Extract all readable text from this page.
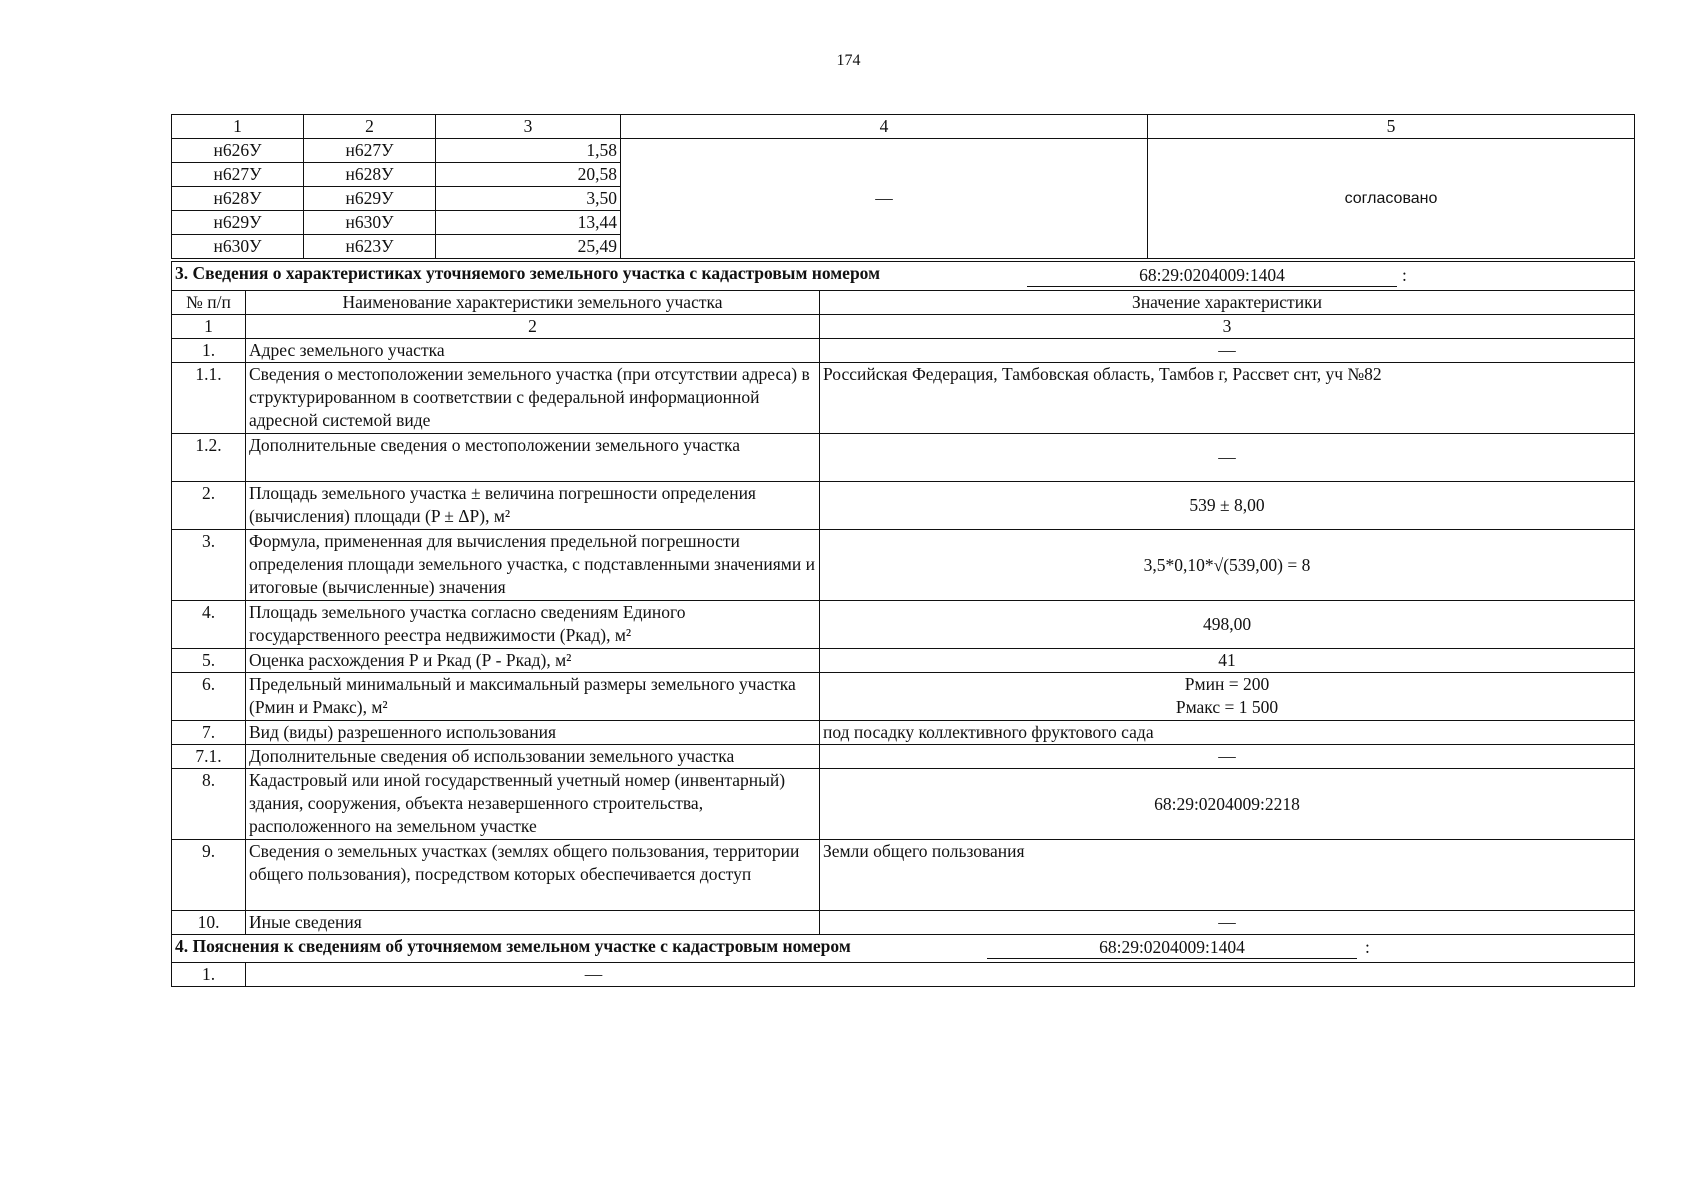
174
1	2	3	4	5
н626У	н627У	1,58	—	согласовано
н627У	н628У	20,58		
н628У	н629У	3,50		
н629У	н630У	13,44		
н630У	н623У	25,49		
3. Сведения о характеристиках уточняемого земельного участка с кадастровым номером 68:29:0204009:1404 :		

№ п/п	Наименование характеристики земельного участка	Значение характеристики
1	2	3
1.	Адрес земельного участка	—
1.1.	Сведения о местоположении земельного участка (при отсутствии адреса) в структурированном в соответствии с федеральной информационной адресной системой виде	Российская Федерация, Тамбовская область, Тамбов г, Рассвет снт, уч №82
1.2.	Дополнительные сведения о местоположении земельного участка	—
2.	Площадь земельного участка ± величина погрешности определения (вычисления) площади (P ± ΔP), м²	539 ± 8,00
3.	Формула, примененная для вычисления предельной погрешности определения площади земельного участка, с подставленными значениями и итоговые (вычисленные) значения	3,5*0,10*√(539,00) = 8
4.	Площадь земельного участка согласно сведениям Единого государственного реестра недвижимости (Ркад), м²	498,00
5.	Оценка расхождения Р и Ркад (Р - Ркад), м²	41
6.	Предельный минимальный и максимальный размеры земельного участка (Рмин и Рмакс), м²	Рмин = 200
Рмакс = 1 500

7.	Вид (виды) разрешенного использования	под посадку коллективного фруктового сада
7.1.	Дополнительные сведения об использовании земельного участка	—
8.	Кадастровый или иной государственный учетный номер (инвентарный) здания, сооружения, объекта незавершенного строительства, расположенного на земельном участке	68:29:0204009:2218
9.	Сведения о земельных участках (землях общего пользования, территории общего пользования), посредством которых обеспечивается доступ	Земли общего пользования
10.	Иные сведения	—
4. Пояснения к сведениям об уточняемом земельном участке с кадастровым номером 68:29:0204009:1404 :		

1.	—	
